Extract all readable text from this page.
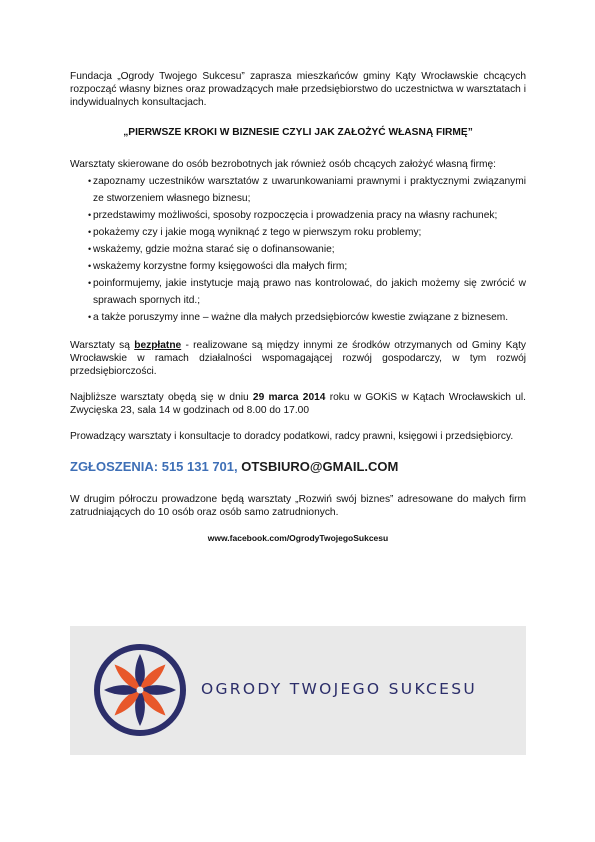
Fundacja „Ogrody Twojego Sukcesu” zaprasza mieszkańców gminy Kąty Wrocławskie chcących rozpocząć własny biznes oraz prowadzących małe przedsiębiorstwo do uczestnictwa w warsztatach i indywidualnych konsultacjach.

„PIERWSZE KROKI W BIZNESIE CZYLI JAK ZAŁOŻYĆ WŁASNĄ FIRMĘ”

Warsztaty skierowane do osób bezrobotnych jak również osób chcących założyć własną firmę:

• zapoznamy uczestników warsztatów z uwarunkowaniami prawnymi i praktycznymi związanymi ze stworzeniem własnego biznesu;
• przedstawimy możliwości, sposoby rozpoczęcia i prowadzenia pracy na własny rachunek;
• pokażemy czy i jakie mogą wyniknąć z tego w pierwszym roku problemy;
• wskażemy, gdzie można starać się o dofinansowanie;
• wskażemy korzystne formy księgowości dla małych firm;
• poinformujemy, jakie instytucje mają prawo nas kontrolować, do jakich możemy się zwrócić w sprawach spornych itd.;
• a także poruszymy inne – ważne dla małych przedsiębiorców kwestie związane z biznesem.

Warsztaty są bezpłatne - realizowane są między innymi ze środków otrzymanych od Gminy Kąty Wrocławskie w ramach działalności wspomagającej rozwój gospodarczy, w tym rozwój przedsiębiorczości.

Najbliższe warsztaty obędą się w dniu 29 marca 2014 roku w GOKiS w Kątach Wrocławskich ul. Zwycięska 23, sala 14 w godzinach od 8.00 do 17.00

Prowadzący warsztaty i konsultacje to doradcy podatkowi, radcy prawni, księgowi i przedsiębiorcy.

ZGŁOSZENIA: 515 131 701, OTSBIURO@GMAIL.COM

W drugim półroczu prowadzone będą warsztaty „Rozwiń swój biznes” adresowane do małych firm zatrudniających do 10 osób oraz osób samo zatrudnionych.

www.facebook.com/OgrodyTwojegoSukcesu
OGRODY TWOJEGO SUKCESU
